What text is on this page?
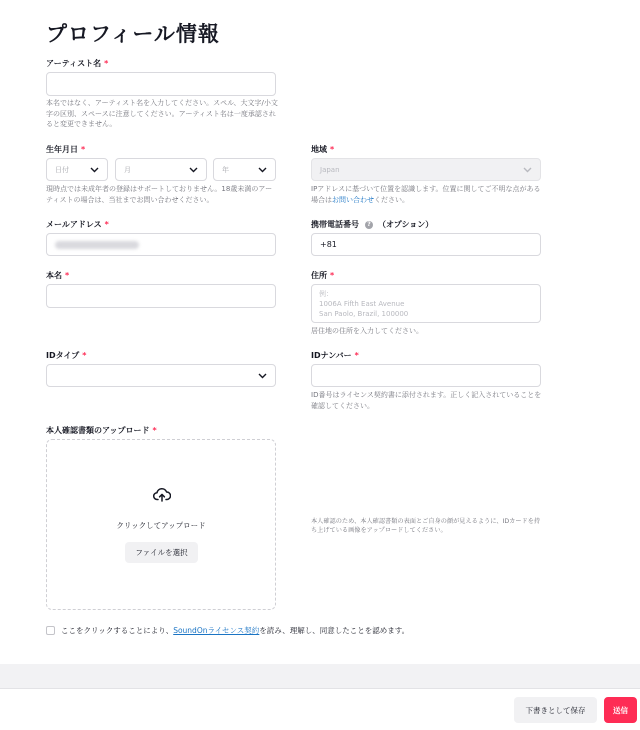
プロフィール情報
アーティスト名 *
本名ではなく、アーティスト名を入力してください。スペル、大文字/小文字の区別、スペースに注意してください。アーティスト名は一度承認されると変更できません。
生年月日 *
日付	月	年
現時点では未成年者の登録はサポートしておりません。18歳未満のアーティストの場合は、当社までお問い合わせください。
地域 *
Japan
IPアドレスに基づいて位置を認識します。位置に関してご不明な点がある場合はお問い合わせください。
メールアドレス *	携帯電話番号 ? （オプション）
+81
本名 *	住所 *
例：
1006A Fifth East Avenue
San Paolo, Brazil, 100000
居住地の住所を入力してください。
IDタイプ *	IDナンバー *
ID番号はライセンス契約書に添付されます。正しく記入されていることを確認してください。
本人確認書類のアップロード *
クリックしてアップロード
ファイルを選択
本人確認のため、本人確認書類の表面とご自身の顔が見えるように、IDカードを持ち上げている画像をアップロードしてください。
ここをクリックすることにより、SoundOnライセンス契約を読み、理解し、同意したことを認めます。
下書きとして保存	送信
